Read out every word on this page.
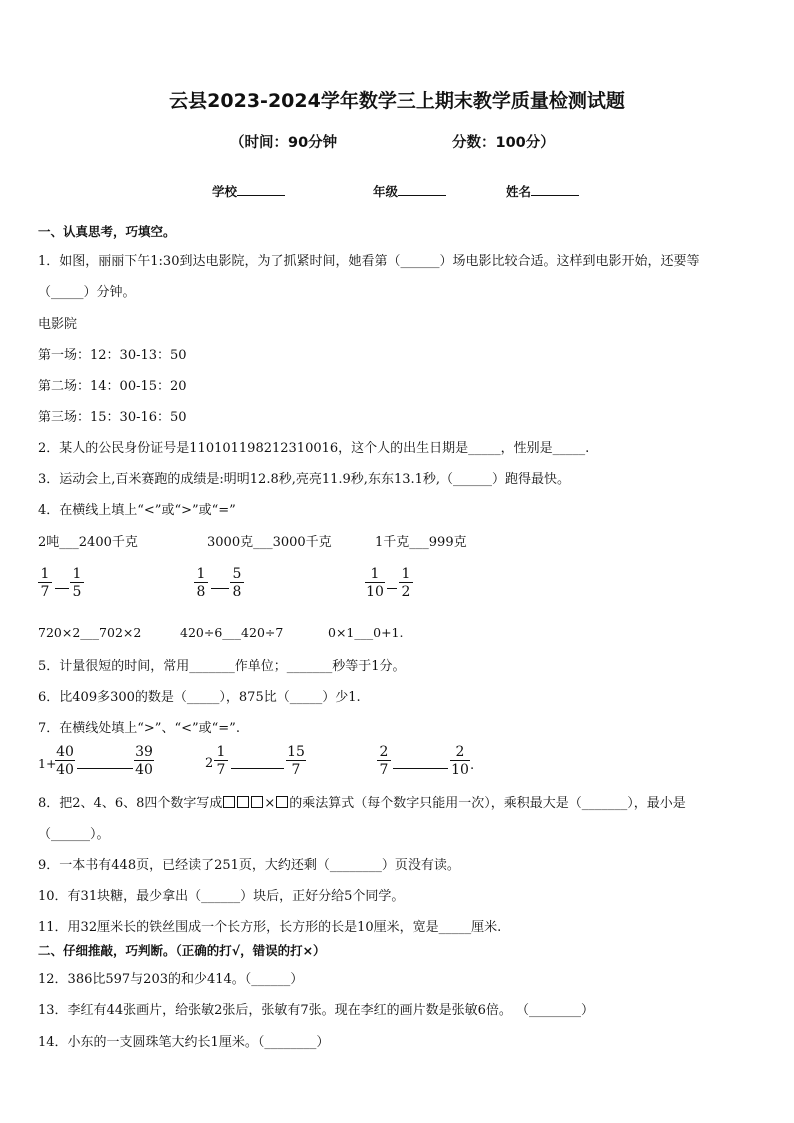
云县2023-2024学年数学三上期末教学质量检测试题
（时间：90分钟	分数：100分）
学校	年级	姓名
一、认真思考，巧填空。
1．如图，丽丽下午1:30到达电影院，为了抓紧时间，她看第（______）场电影比较合适。这样到电影开始，还要等
（_____）分钟。
电影院
第一场：12：30-13：50
第二场：14：00-15：20
第三场：15：30-16：50
2．某人的公民身份证号是110101198212310016，这个人的出生日期是_____，性别是_____.
3．运动会上,百米赛跑的成绩是:明明12.8秒,亮亮11.9秒,东东13.1秒,（______）跑得最快。
4．在横线上填上“<”或“>”或“=”
2吨___2400千克	3000克___3000千克	1千克___999克
$\frac{1}{7} \frac{1}{5}$	$\frac{1}{8} \frac{5}{8}$	$\frac{1}{10} \frac{1}{2}$
720×2___702×2	420÷6___420÷7	0×1___0+1.
5．计量很短的时间，常用_______作单位；_______秒等于1分。
6．比409多300的数是（_____），875比（_____）少1.
7．在横线处填上“>”、“<”或“=”.
1+
$\frac{40}{40}$	$\frac{39}{40}$	$2 \frac{1}{7}$	$\frac{15}{7}$	$\frac{2}{7}$	$\frac{2}{10}$ .
8．把2、4、6、8四个数字写成	× 的乘法算式（每个数字只能用一次），乘积最大是（_______），最小是
（______）。
9．一本书有448页，已经读了251页，大约还剩（________）页没有读。
10．有31块糖，最少拿出（______）块后，正好分给5个同学。
11．用32厘米长的铁丝围成一个长方形，长方形的长是10厘米，宽是_____厘米.
二、仔细推敲，巧判断。（正确的打√，错误的打×）
12．386比597与203的和少414。（______）
13．李红有44张画片，给张敏2张后，张敏有7张。现在李红的画片数是张敏6倍。 （________）
14．小东的一支圆珠笔大约长1厘米。（________）
